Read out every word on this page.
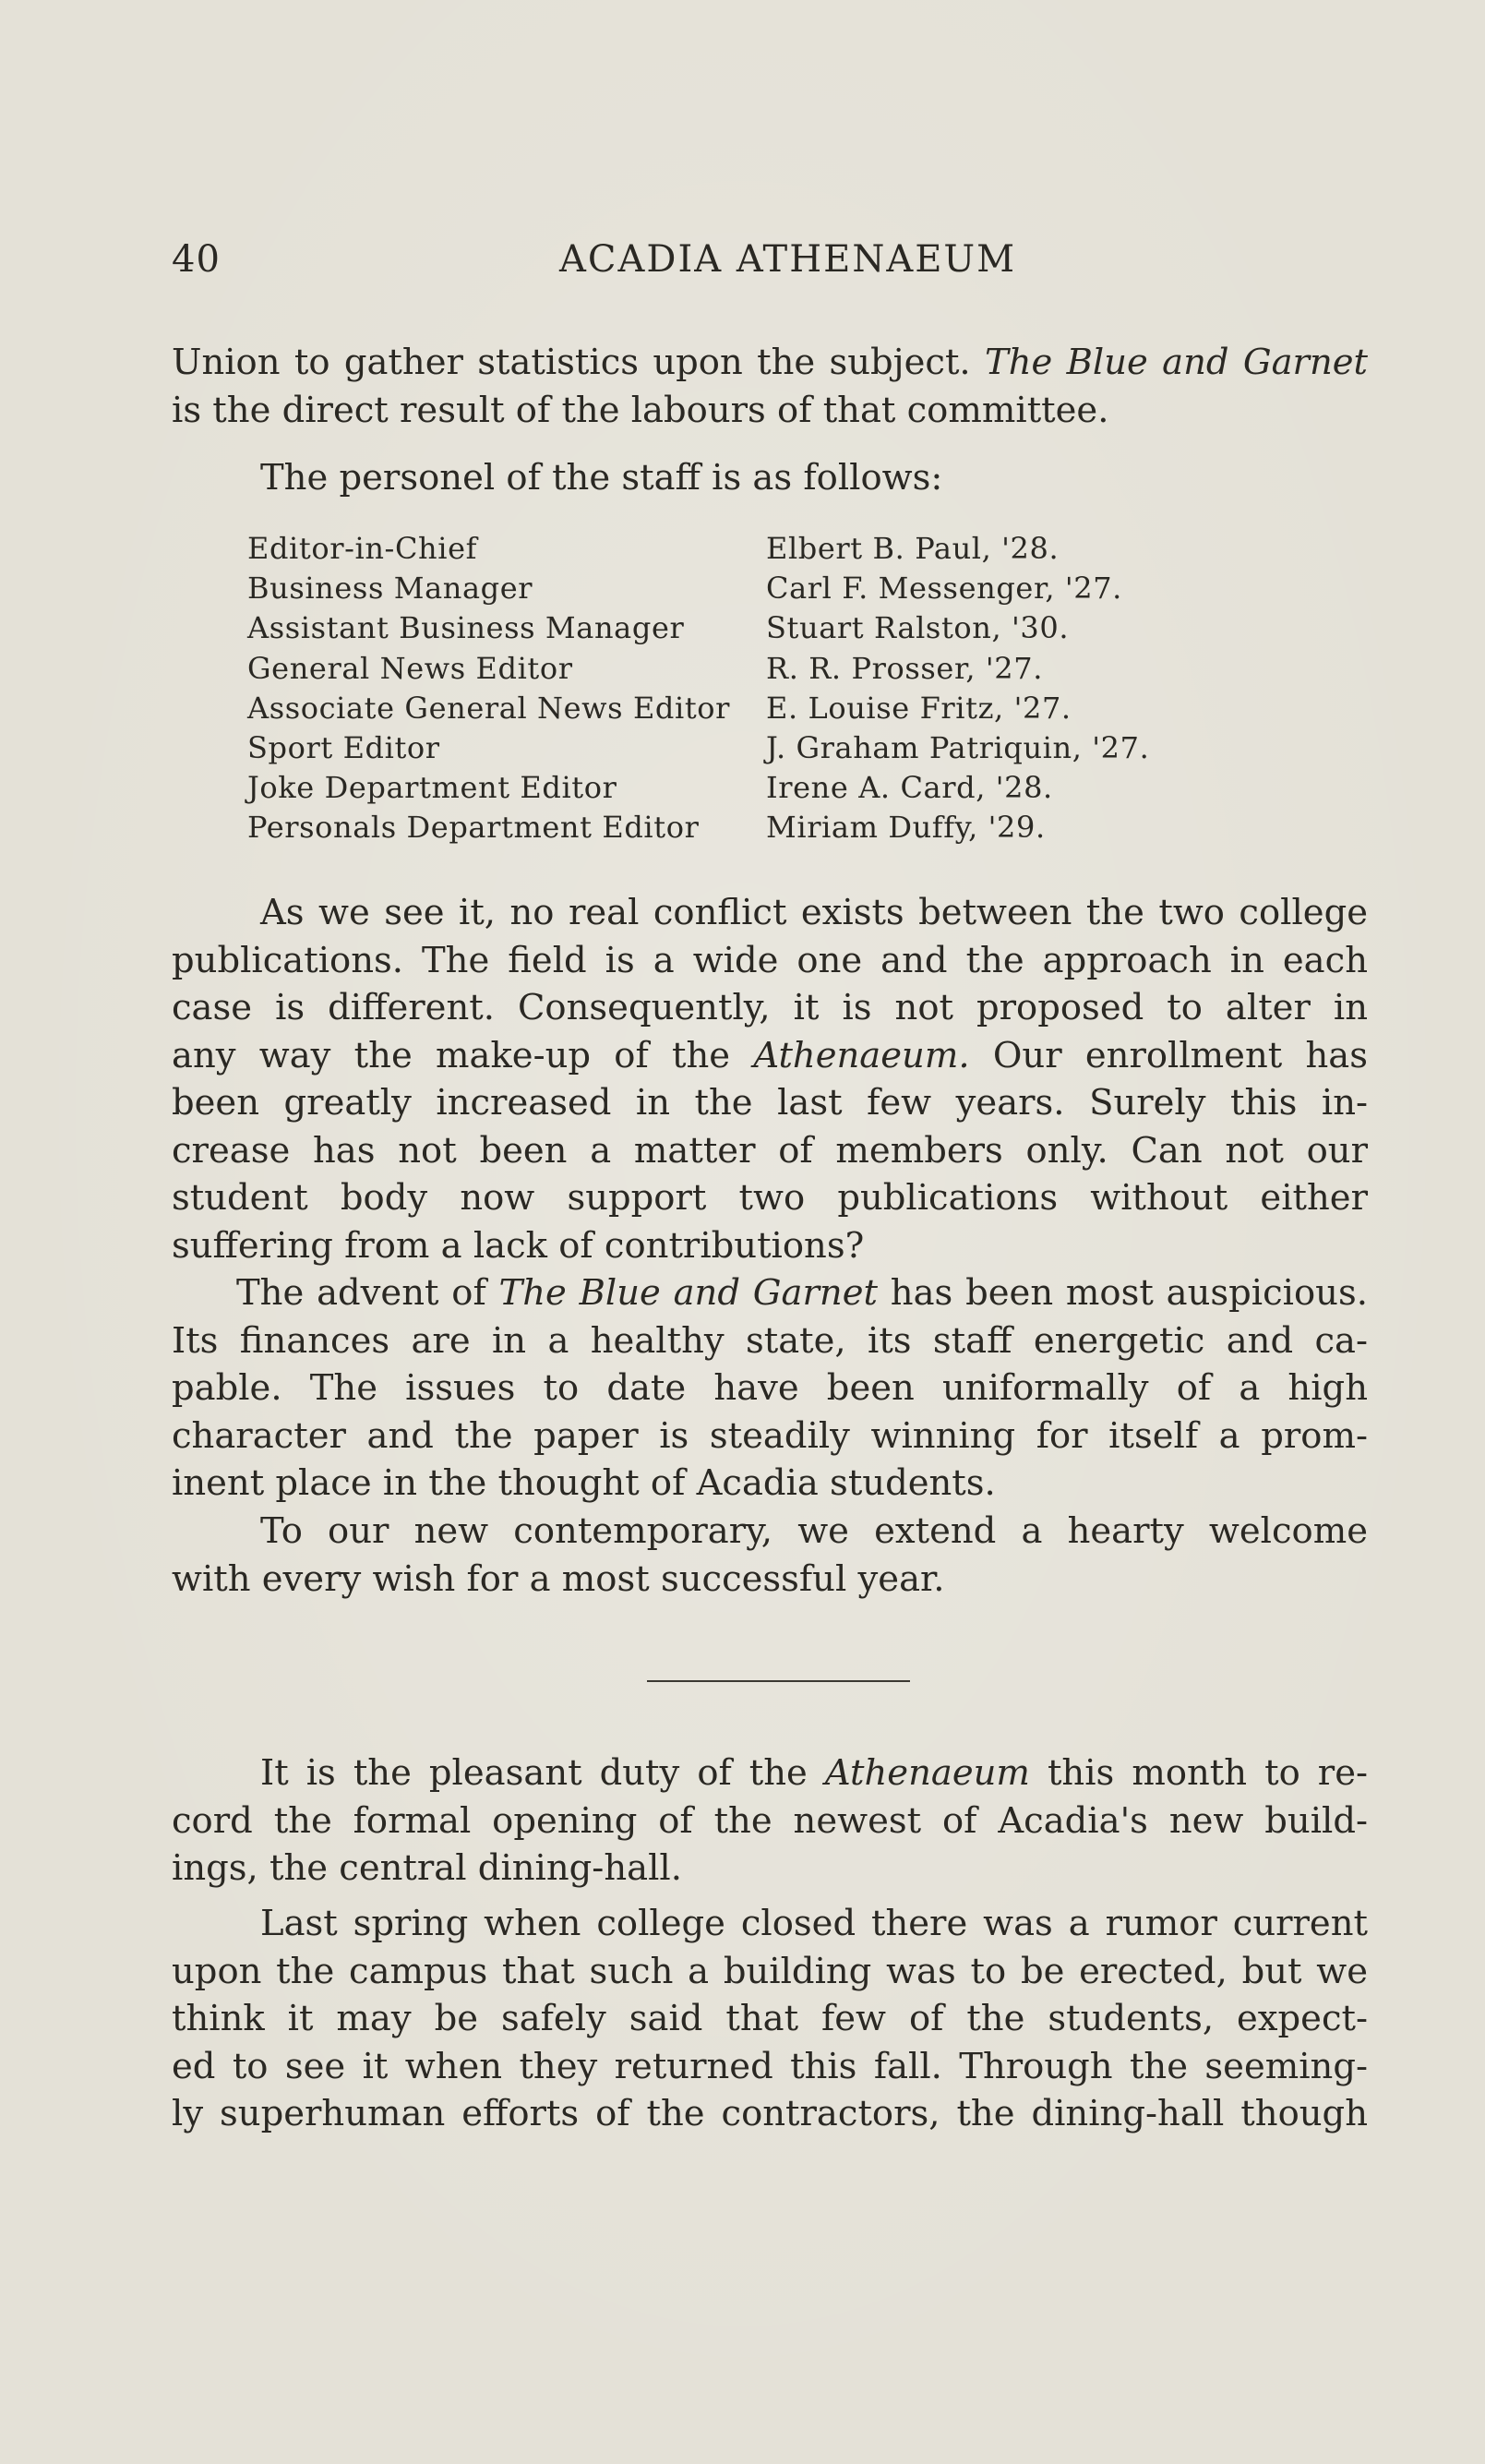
40	ACADIA ATHENAEUM

Union to gather statistics upon the subject. The Blue and Garnet
is the direct result of the labours of that committee.

The personel of the staff is as follows:

Editor-in-Chief	Elbert B. Paul, '28.
Business Manager	Carl F. Messenger, '27.
Assistant Business Manager	Stuart Ralston, '30.
General News Editor	R. R. Prosser, '27.
Associate General News Editor	E. Louise Fritz, '27.
Sport Editor	J. Graham Patriquin, '27.
Joke Department Editor	Irene A. Card, '28.
Personals Department Editor	Miriam Duffy, '29.

As we see it, no real conflict exists between the two college
publications. The field is a wide one and the approach in each
case is different. Consequently, it is not proposed to alter in
any way the make-up of the Athenaeum. Our enrollment has
been greatly increased in the last few years. Surely this in-
crease has not been a matter of members only. Can not our
student body now support two publications without either
suffering from a lack of contributions?

The advent of The Blue and Garnet has been most auspicious.
Its finances are in a healthy state, its staff energetic and ca-
pable. The issues to date have been uniformally of a high
character and the paper is steadily winning for itself a prom-
inent place in the thought of Acadia students.

To our new contemporary, we extend a hearty welcome
with every wish for a most successful year.

It is the pleasant duty of the Athenaeum this month to re-
cord the formal opening of the newest of Acadia's new build-
ings, the central dining-hall.

Last spring when college closed there was a rumor current
upon the campus that such a building was to be erected, but we
think it may be safely said that few of the students, expect-
ed to see it when they returned this fall. Through the seeming-
ly superhuman efforts of the contractors, the dining-hall though
